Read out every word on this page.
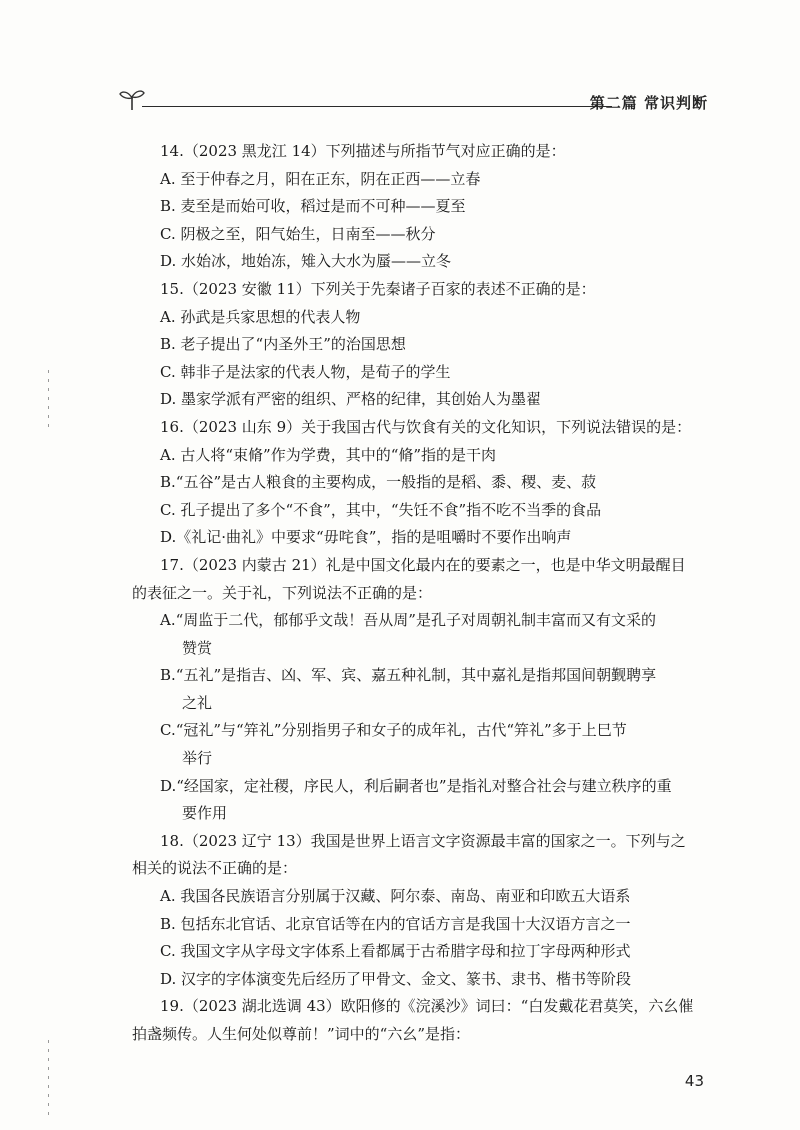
第二篇 常识判断
14.（2023 黑龙江 14）下列描述与所指节气对应正确的是：
A. 至于仲春之月，阳在正东，阴在正西——立春
B. 麦至是而始可收，稻过是而不可种——夏至
C. 阴极之至，阳气始生，日南至——秋分
D. 水始冰，地始冻，雉入大水为蜃——立冬
15.（2023 安徽 11）下列关于先秦诸子百家的表述不正确的是：
A. 孙武是兵家思想的代表人物
B. 老子提出了“内圣外王”的治国思想
C. 韩非子是法家的代表人物，是荀子的学生
D. 墨家学派有严密的组织、严格的纪律，其创始人为墨翟
16.（2023 山东 9）关于我国古代与饮食有关的文化知识，下列说法错误的是：
A. 古人将“束脩”作为学费，其中的“脩”指的是干肉
B.“五谷”是古人粮食的主要构成，一般指的是稻、黍、稷、麦、菽
C. 孔子提出了多个“不食”，其中，“失饪不食”指不吃不当季的食品
D.《礼记·曲礼》中要求“毋咤食”，指的是咀嚼时不要作出响声
17.（2023 内蒙古 21）礼是中国文化最内在的要素之一，也是中华文明最醒目
的表征之一。关于礼，下列说法不正确的是：
A.“周监于二代，郁郁乎文哉！吾从周”是孔子对周朝礼制丰富而又有文采的
赞赏
B.“五礼”是指吉、凶、军、宾、嘉五种礼制，其中嘉礼是指邦国间朝觐聘享
之礼
C.“冠礼”与“笄礼”分别指男子和女子的成年礼，古代“笄礼”多于上巳节
举行
D.“经国家，定社稷，序民人，利后嗣者也”是指礼对整合社会与建立秩序的重
要作用
18.（2023 辽宁 13）我国是世界上语言文字资源最丰富的国家之一。下列与之
相关的说法不正确的是：
A. 我国各民族语言分别属于汉藏、阿尔泰、南岛、南亚和印欧五大语系
B. 包括东北官话、北京官话等在内的官话方言是我国十大汉语方言之一
C. 我国文字从字母文字体系上看都属于古希腊字母和拉丁字母两种形式
D. 汉字的字体演变先后经历了甲骨文、金文、篆书、隶书、楷书等阶段
19.（2023 湖北选调 43）欧阳修的《浣溪沙》词曰：“白发戴花君莫笑，六幺催
拍盏频传。人生何处似尊前！”词中的“六幺”是指：
43
